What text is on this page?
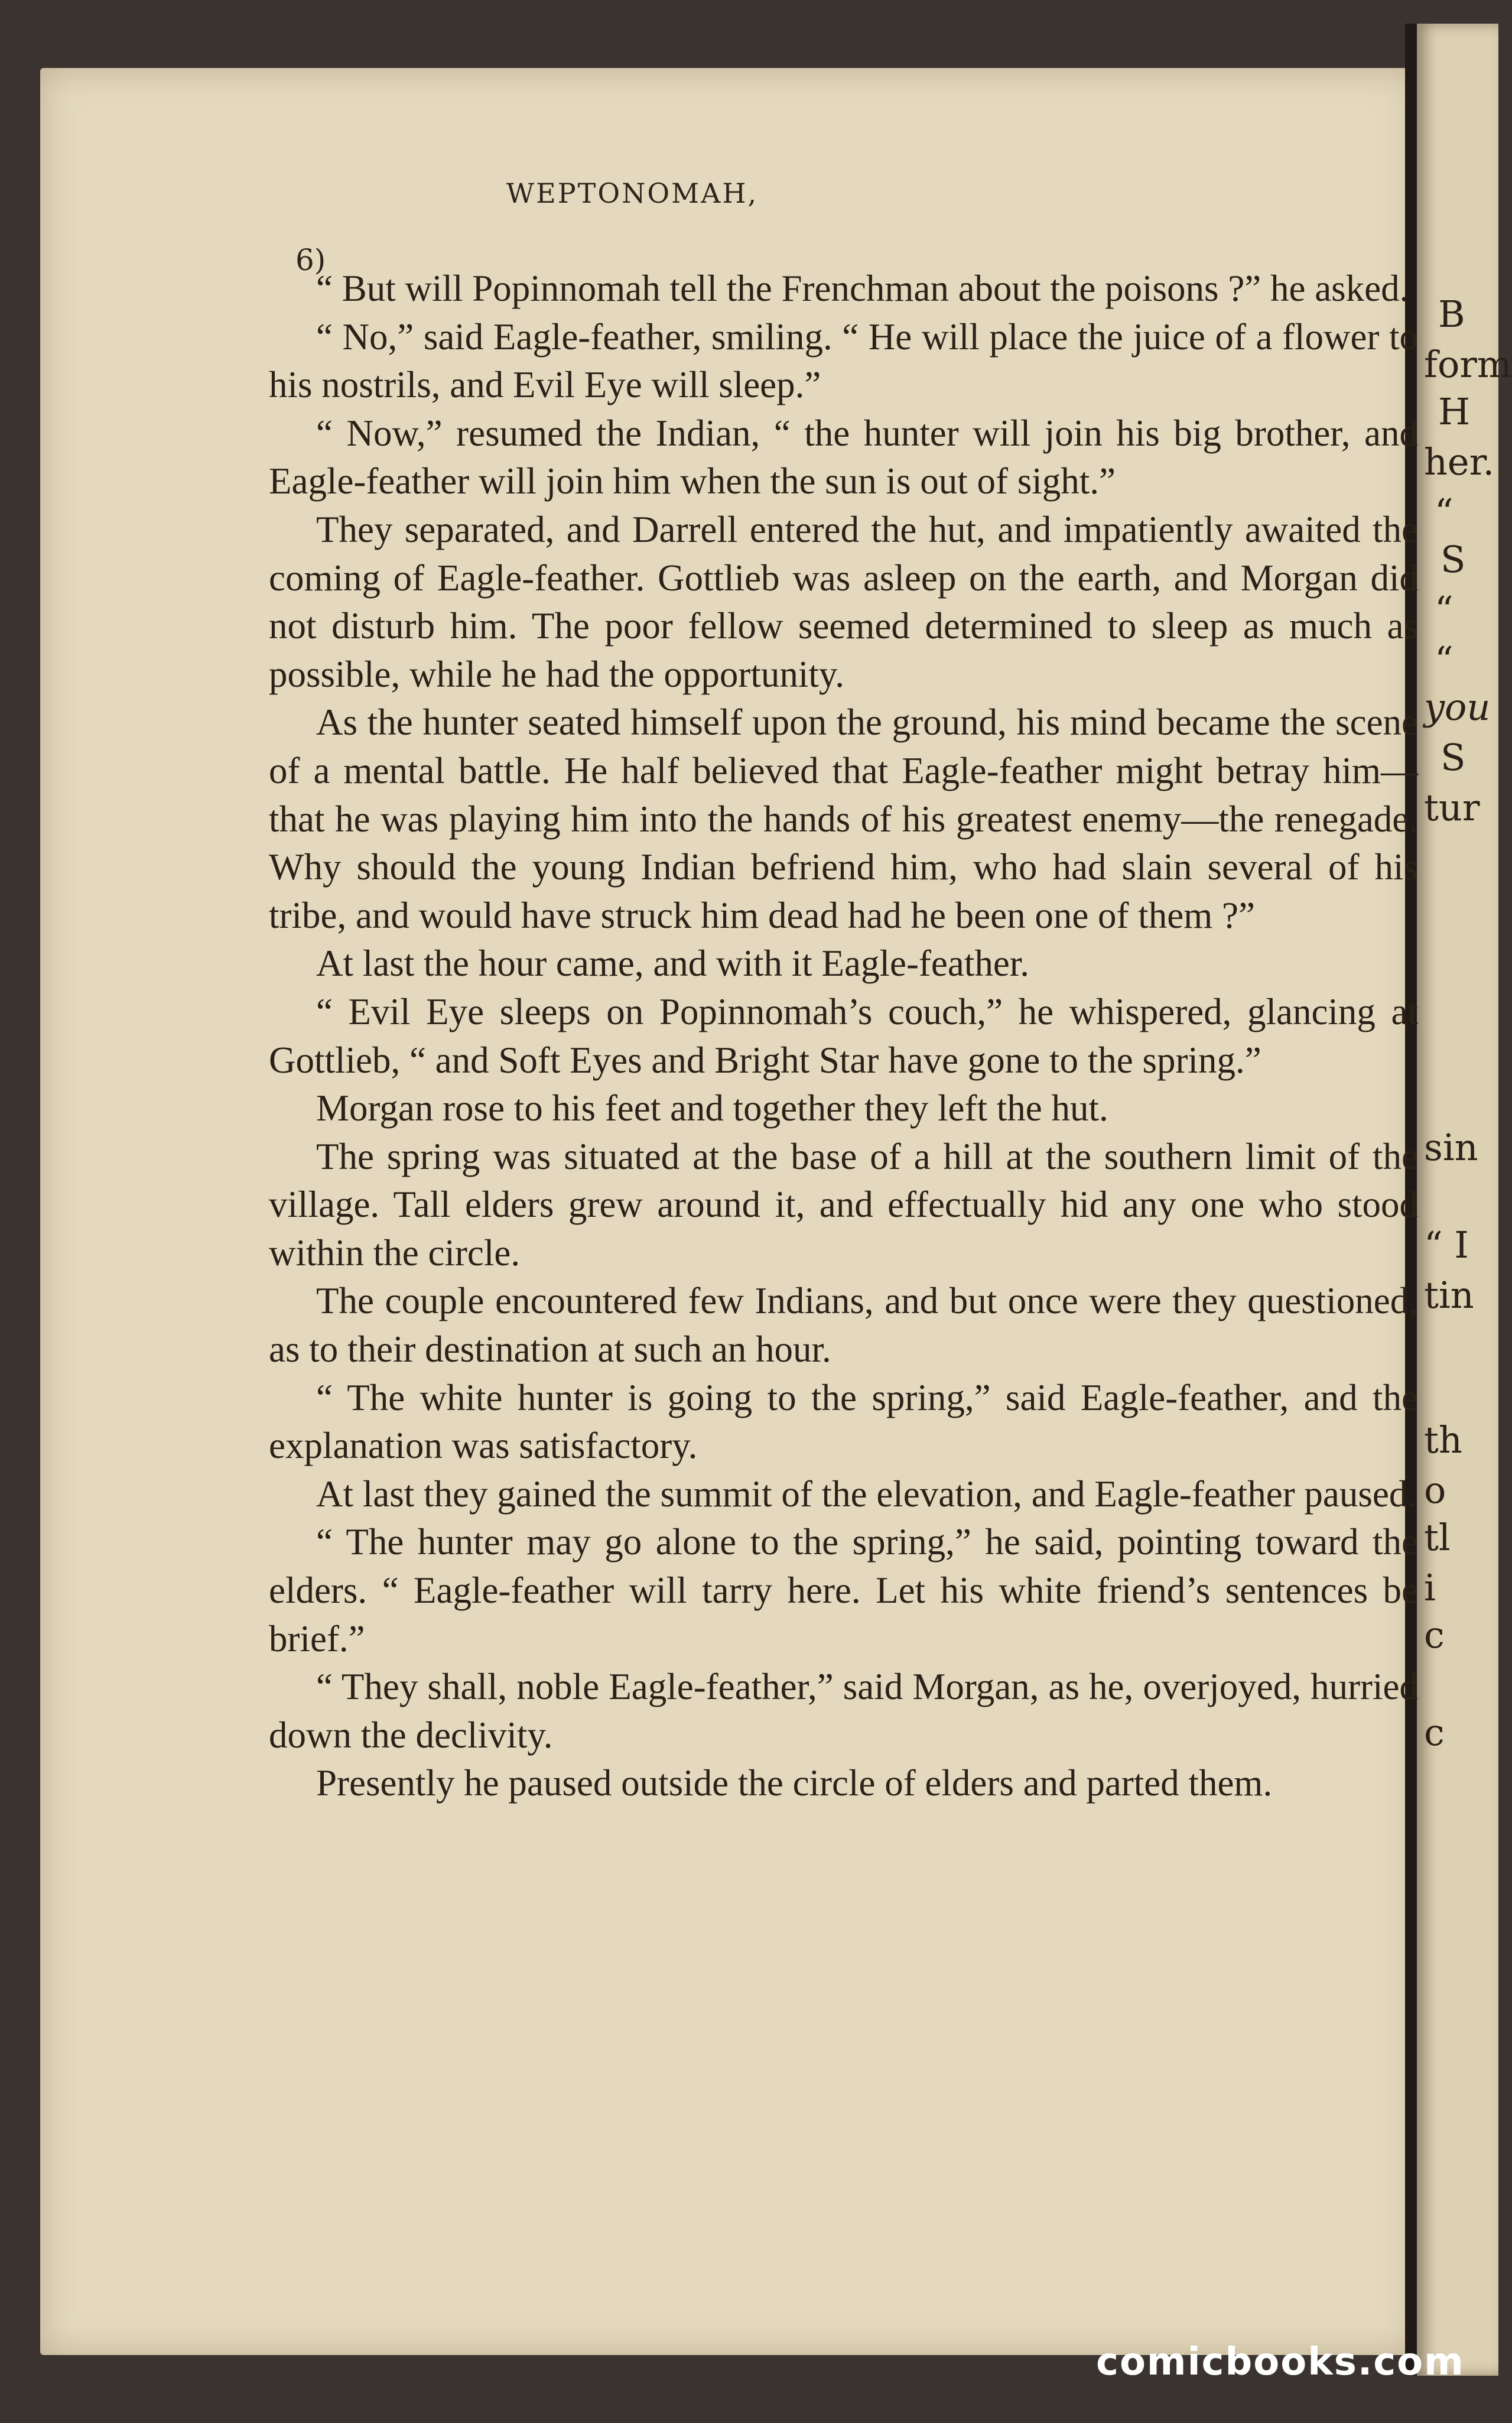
6)
B
form
H
her.
“
S
“
“
you
S
tur
sin
“ I
tin
th
o
tl
i
c
c
WEPTONOMAH,

“ But will Popinnomah tell the Frenchman about the poisons ?” he asked.

“ No,” said Eagle-feather, smiling. “ He will place the juice of a flower to his nostrils, and Evil Eye will sleep.”

“ Now,” resumed the Indian, “ the hunter will join his big brother, and Eagle-feather will join him when the sun is out of sight.”

They separated, and Darrell entered the hut, and impatiently awaited the coming of Eagle-feather. Gottlieb was asleep on the earth, and Morgan did not disturb him. The poor fellow seemed determined to sleep as much as possible, while he had the opportunity.

As the hunter seated himself upon the ground, his mind became the scene of a mental battle. He half believed that Eagle-feather might betray him—that he was playing him into the hands of his greatest enemy—the renegade. Why should the young Indian befriend him, who had slain several of his tribe, and would have struck him dead had he been one of them ?”

At last the hour came, and with it Eagle-feather.

“ Evil Eye sleeps on Popinnomah’s couch,” he whispered, glancing at Gottlieb, “ and Soft Eyes and Bright Star have gone to the spring.”

Morgan rose to his feet and together they left the hut.

The spring was situated at the base of a hill at the southern limit of the village. Tall elders grew around it, and effectually hid any one who stood within the circle.

The couple encountered few Indians, and but once were they questioned, as to their destination at such an hour.

“ The white hunter is going to the spring,” said Eagle-feather, and the explanation was satisfactory.

At last they gained the summit of the elevation, and Eagle-feather paused.

“ The hunter may go alone to the spring,” he said, pointing toward the elders. “ Eagle-feather will tarry here. Let his white friend’s sentences be brief.”

“ They shall, noble Eagle-feather,” said Morgan, as he, overjoyed, hurried down the declivity.

Presently he paused outside the circle of elders and parted them.

comicbooks.com
